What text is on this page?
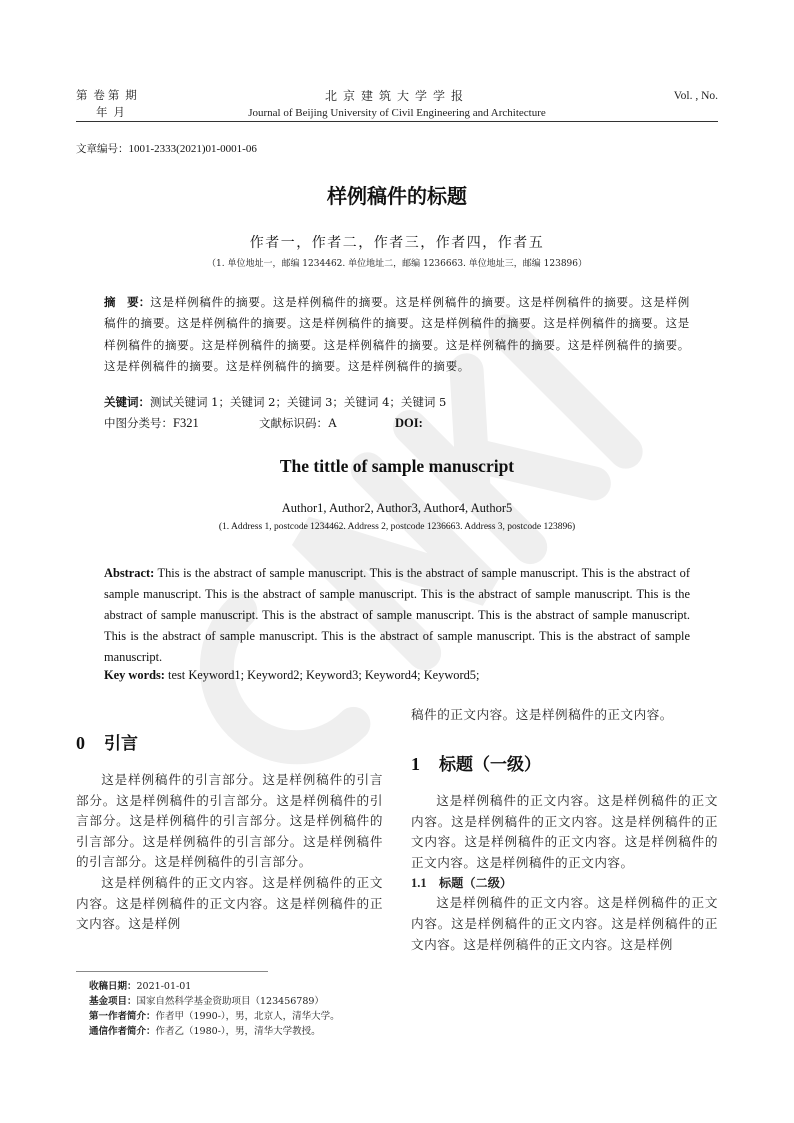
第 卷第 期
年 月
北京建筑大学学报
Journal of Beijing University of Civil Engineering and Architecture
Vol. , No.
文章编号：1001-2333(2021)01-0001-06
样例稿件的标题
作者一，作者二，作者三，作者四，作者五
（1. 单位地址一，邮编 1234462. 单位地址二，邮编 1236663. 单位地址三，邮编 123896）
摘　要：这是样例稿件的摘要。这是样例稿件的摘要。这是样例稿件的摘要。这是样例稿件的摘要。这是样例稿件的摘要。这是样例稿件的摘要。这是样例稿件的摘要。这是样例稿件的摘要。这是样例稿件的摘要。这是样例稿件的摘要。这是样例稿件的摘要。这是样例稿件的摘要。这是样例稿件的摘要。这是样例稿件的摘要。这是样例稿件的摘要。这是样例稿件的摘要。这是样例稿件的摘要。
关键词：测试关键词 1；关键词 2；关键词 3；关键词 4；关键词 5
中图分类号：F321	文献标识码：A	DOI:
The tittle of sample manuscript
Author1, Author2, Author3, Author4, Author5
(1. Address 1, postcode 1234462. Address 2, postcode 1236663. Address 3, postcode 123896)
Abstract: This is the abstract of sample manuscript. This is the abstract of sample manuscript. This is the abstract of sample manuscript. This is the abstract of sample manuscript. This is the abstract of sample manuscript. This is the abstract of sample manuscript. This is the abstract of sample manuscript. This is the abstract of sample manuscript. This is the abstract of sample manuscript. This is the abstract of sample manuscript. This is the abstract of sample manuscript.
Key words: test Keyword1; Keyword2; Keyword3; Keyword4; Keyword5;
0 引言

这是样例稿件的引言部分。这是样例稿件的引言部分。这是样例稿件的引言部分。这是样例稿件的引言部分。这是样例稿件的引言部分。这是样例稿件的引言部分。这是样例稿件的引言部分。这是样例稿件的引言部分。这是样例稿件的引言部分。

这是样例稿件的正文内容。这是样例稿件的正文内容。这是样例稿件的正文内容。这是样例稿件的正文内容。这是样例

稿件的正文内容。这是样例稿件的正文内容。

1 标题（一级）

这是样例稿件的正文内容。这是样例稿件的正文内容。这是样例稿件的正文内容。这是样例稿件的正文内容。这是样例稿件的正文内容。这是样例稿件的正文内容。这是样例稿件的正文内容。

1.1 标题（二级）

这是样例稿件的正文内容。这是样例稿件的正文内容。这是样例稿件的正文内容。这是样例稿件的正文内容。这是样例稿件的正文内容。这是样例

收稿日期：2021-01-01
基金项目：国家自然科学基金资助项目（123456789）
第一作者简介：作者甲（1990-），男，北京人，清华大学。
通信作者简介：作者乙（1980-），男，清华大学教授。
